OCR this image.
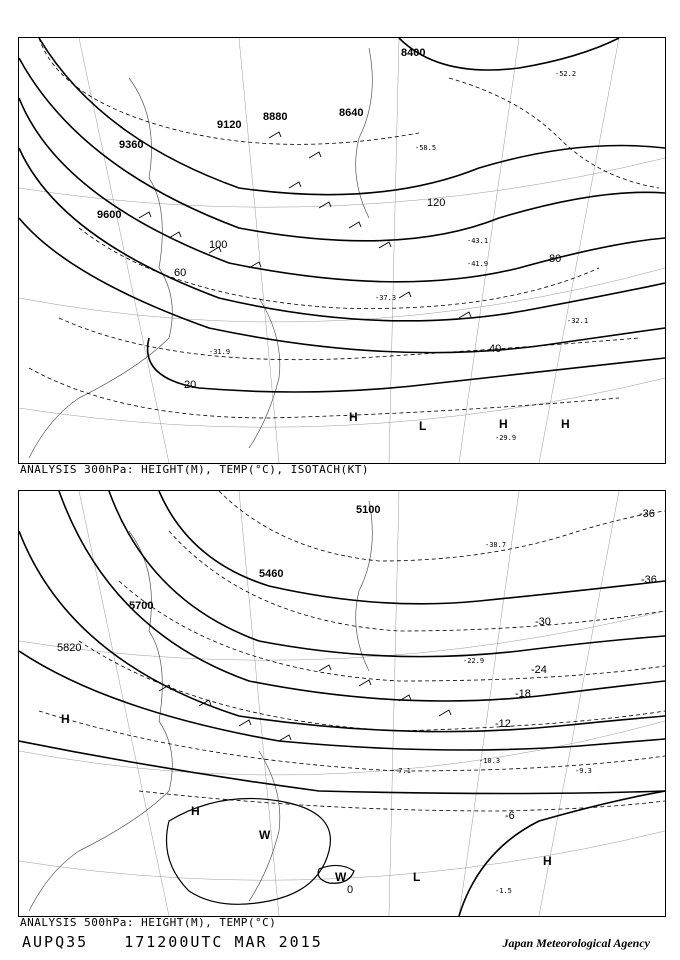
8400
8640
8880
9120
9360
9600
20
40
60
80
100
120
H	H	H
L
-29.9
-31.9
-32.1
-37.3
-41.9
-43.1
-52.2
-58.5
ANALYSIS 300hPa: HEIGHT(M), TEMP(°C), ISOTACH(KT)
5100
5460
5700
5820
-36
-36
-30
-24
-18
-12
-6
0
H
H
H
L
W
W
-1.5
-9.3
-10.3
-7.1
-22.9
-38.7
ANALYSIS 500hPa: HEIGHT(M), TEMP(°C)
AUPQ35 171200UTC MAR 2015	Japan Meteorological Agency
